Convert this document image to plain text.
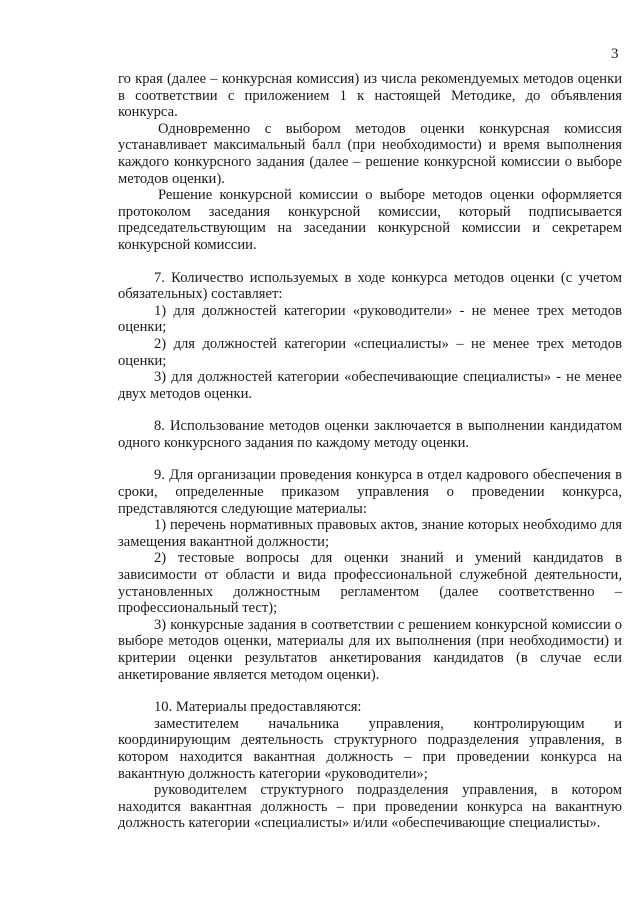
3

го края (далее – конкурсная комиссия) из числа рекомендуемых методов оценки в соответствии с приложением 1 к настоящей Методике, до объявления конкурса.

Одновременно с выбором методов оценки конкурсная комиссия устанавливает максимальный балл (при необходимости) и время выполнения каждого конкурсного задания (далее – решение конкурсной комиссии о выборе методов оценки).

Решение конкурсной комиссии о выборе методов оценки оформляется протоколом заседания конкурсной комиссии, который подписывается председательствующим на заседании конкурсной комиссии и секретарем конкурсной комиссии.

7. Количество используемых в ходе конкурса методов оценки (с учетом обязательных) составляет:

1) для должностей категории «руководители» - не менее трех методов оценки;

2) для должностей категории «специалисты» – не менее трех методов оценки;

3) для должностей категории «обеспечивающие специалисты» - не менее двух методов оценки.

8. Использование методов оценки заключается в выполнении кандидатом одного конкурсного задания по каждому методу оценки.

9. Для организации проведения конкурса в отдел кадрового обеспечения в сроки, определенные приказом управления о проведении конкурса, представляются следующие материалы:

1) перечень нормативных правовых актов, знание которых необходимо для замещения вакантной должности;

2) тестовые вопросы для оценки знаний и умений кандидатов в зависимости от области и вида профессиональной служебной деятельности, установленных должностным регламентом (далее соответственно – профессиональный тест);

3) конкурсные задания в соответствии с решением конкурсной комиссии о выборе методов оценки, материалы для их выполнения (при необходимости) и критерии оценки результатов анкетирования кандидатов (в случае если анкетирование является методом оценки).

10. Материалы предоставляются:

заместителем начальника управления, контролирующим и координирующим деятельность структурного подразделения управления, в котором находится вакантная должность – при проведении конкурса на вакантную должность категории «руководители»;

руководителем структурного подразделения управления, в котором находится вакантная должность – при проведении конкурса на вакантную должность категории «специалисты» и/или «обеспечивающие специалисты».
